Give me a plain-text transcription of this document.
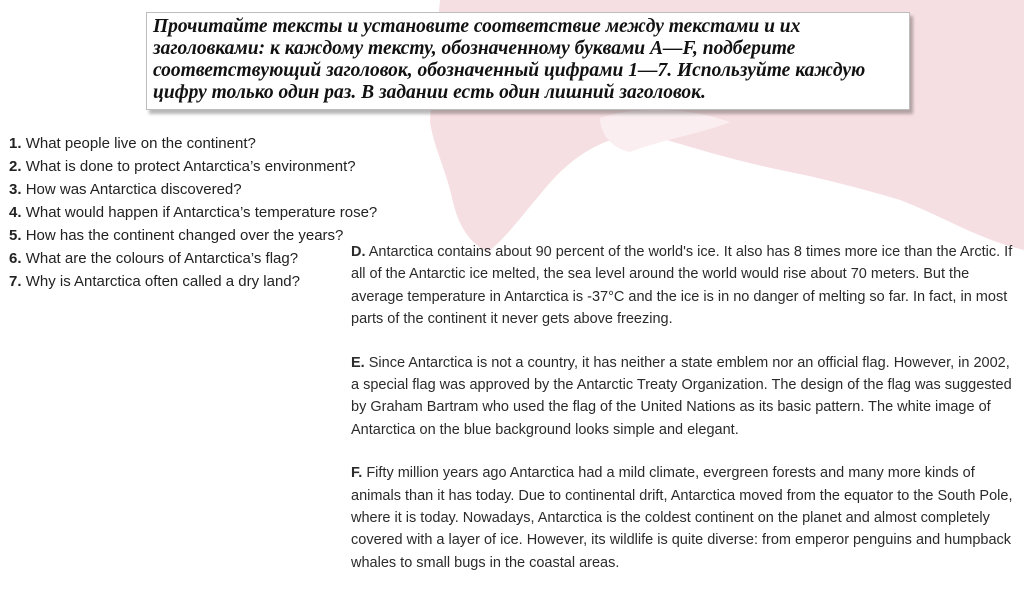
Прочитайте тексты и установите соответствие между текстами и их заголовками: к каждому тексту, обозначенному буквами A—F, подберите соответствующий заголовок, обозначенный цифрами 1—7. Используйте каждую цифру только один раз. В задании есть один лишний заголовок.

1. What people live on the continent?
2. What is done to protect Antarctica’s environment?
3. How was Antarctica discovered?
4. What would happen if Antarctica’s temperature rose?
5. How has the continent changed over the years?
6. What are the colours of Antarctica’s flag?
7. Why is Antarctica often called a dry land?

D. Antarctica contains about 90 percent of the world's ice. It also has 8 times more ice than the Arctic. If all of the Antarctic ice melted, the sea level around the world would rise about 70 meters. But the average temperature in Antarctica is -37°C and the ice is in no danger of melting so far. In fact, in most parts of the continent it never gets above freezing.

E. Since Antarctica is not a country, it has neither a state emblem nor an official flag. However, in 2002, a special flag was approved by the Antarctic Treaty Organization. The design of the flag was suggested by Graham Bartram who used the flag of the United Nations as its basic pattern. The white image of Antarctica on the blue background looks simple and elegant.

F. Fifty million years ago Antarctica had a mild climate, evergreen forests and many more kinds of animals than it has today. Due to continental drift, Antarctica moved from the equator to the South Pole, where it is today. Nowadays, Antarctica is the coldest continent on the planet and almost completely covered with a layer of ice. However, its wildlife is quite diverse: from emperor penguins and humpback whales to small bugs in the coastal areas.
